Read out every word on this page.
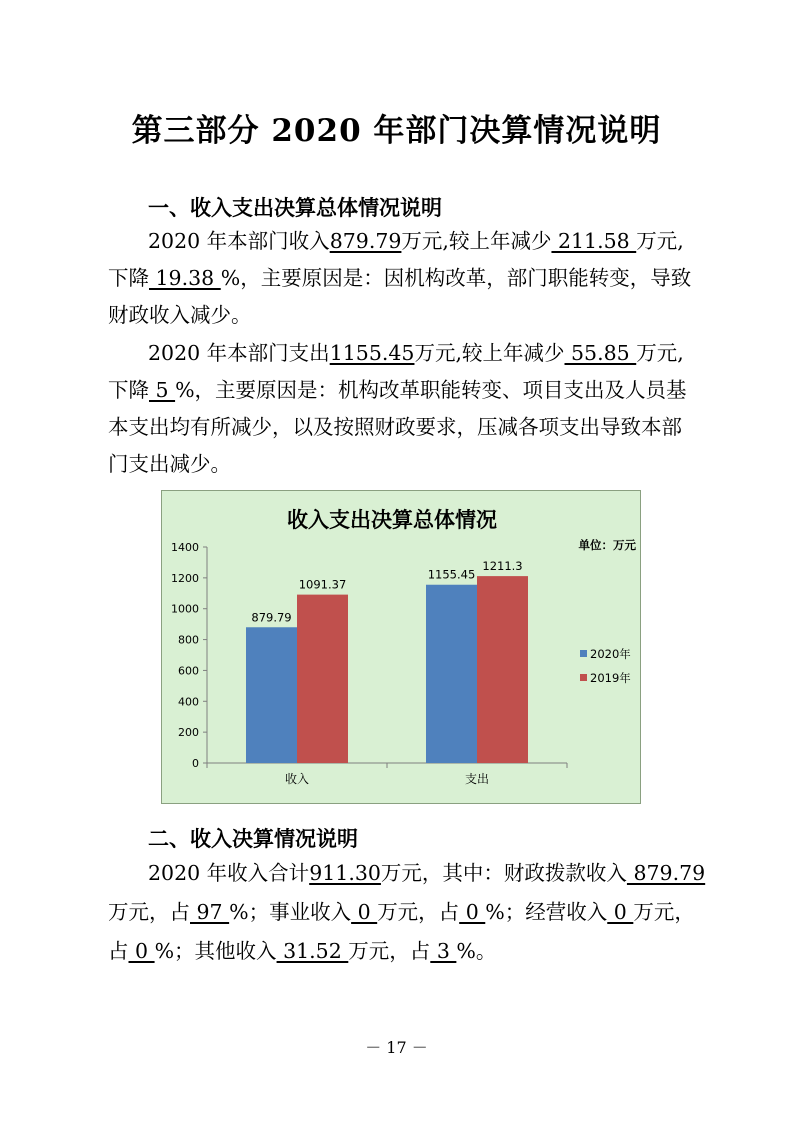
第三部分 2020 年部门决算情况说明
一、收入支出决算总体情况说明
2020 年本部门收入879.79万元,较上年减少 211.58 万元,
下降 19.38 %，主要原因是：因机构改革，部门职能转变，导致
财政收入减少。
2020 年本部门支出1155.45万元,较上年减少 55.85 万元,
下降 5 %，主要原因是：机构改革职能转变、项目支出及人员基
本支出均有所减少，以及按照财政要求，压减各项支出导致本部
门支出减少。
收入支出决算总体情况
单位：万元
0
200
400
600
800
1000
1200
1400
收入
879.79
1091.37
支出
1155.45
1211.3
2020年
2019年
二、收入决算情况说明
2020 年收入合计911.30万元，其中：财政拨款收入 879.79
万元，占 97 %；事业收入 0 万元，占 0 %；经营收入 0 万元，
占 0 %；其他收入 31.52 万元，占 3 %。
－ 17 －
